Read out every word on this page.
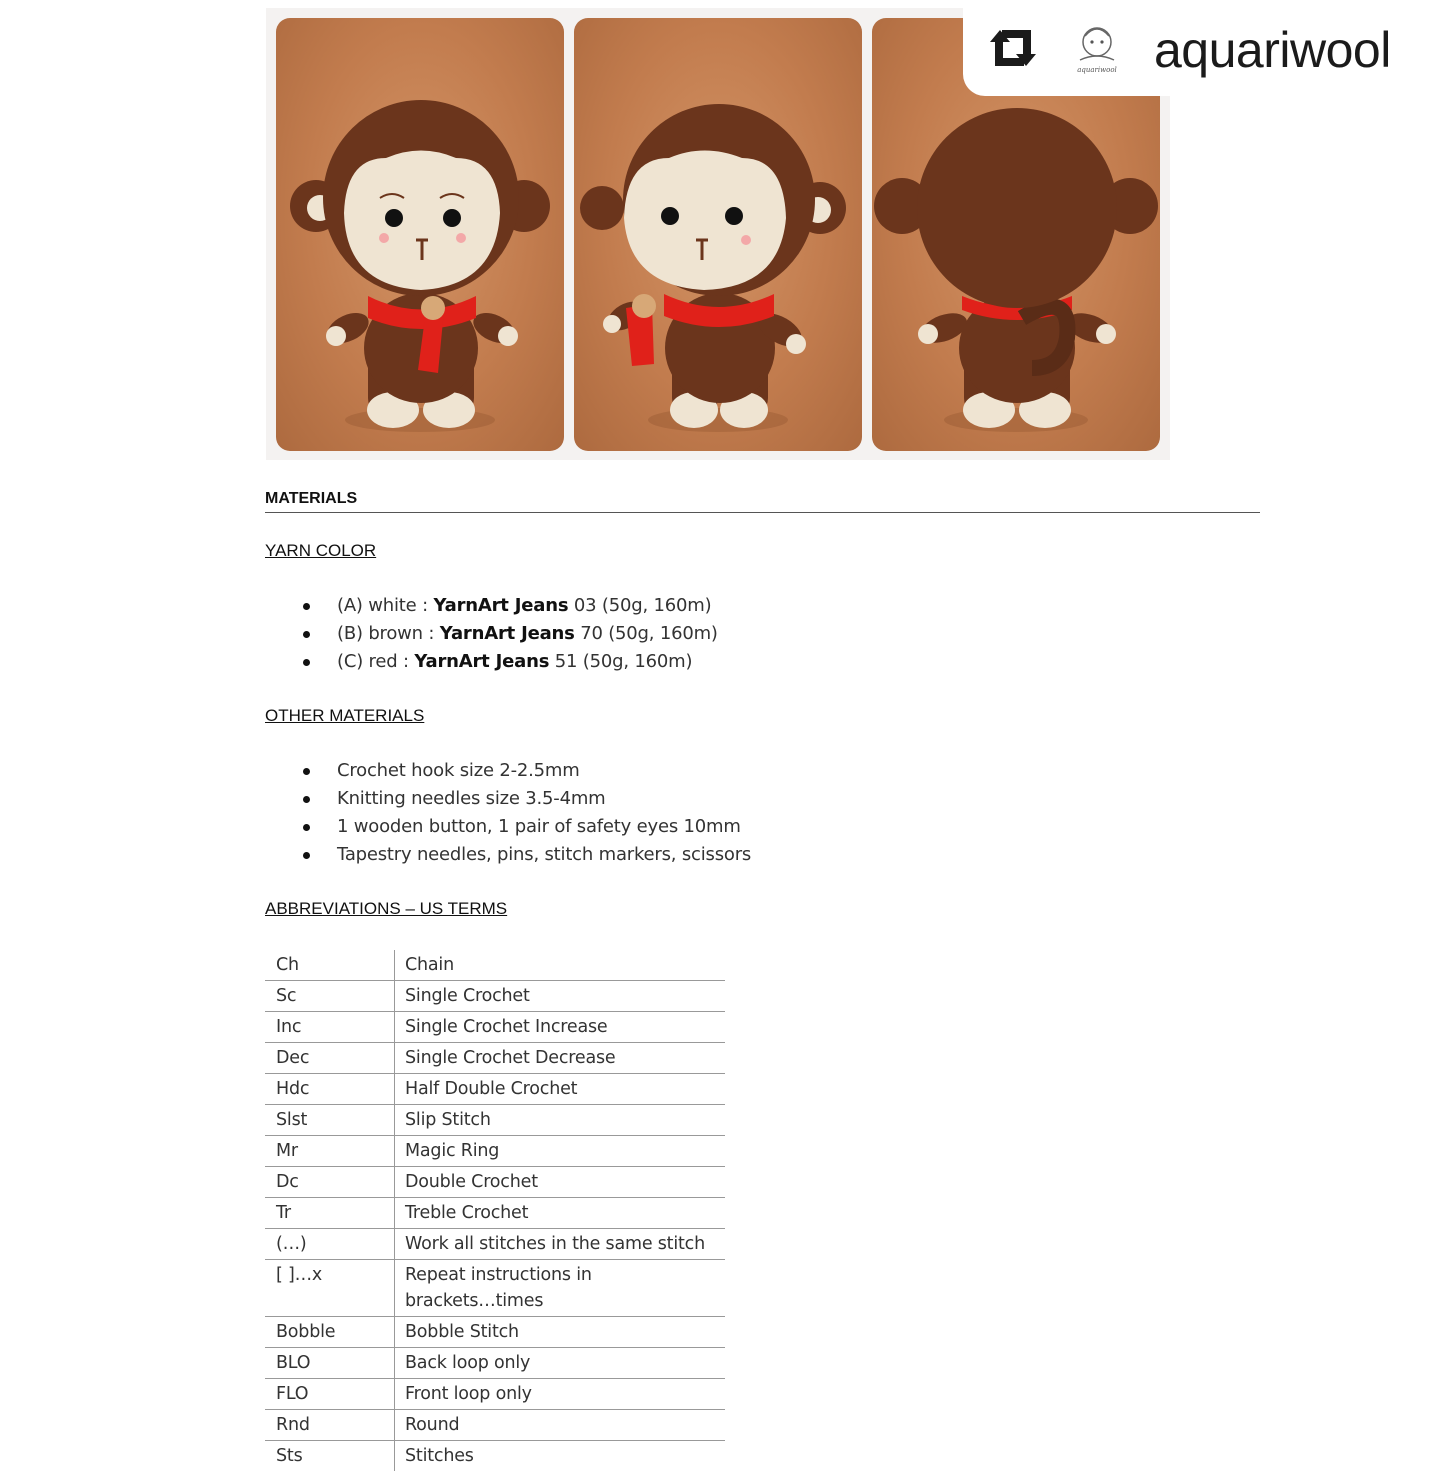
aquariwool aquariwool
MATERIALS
YARN COLOR
(A) white : YarnArt Jeans 03 (50g, 160m)
(B) brown : YarnArt Jeans 70 (50g, 160m)
(C) red : YarnArt Jeans 51 (50g, 160m)
OTHER MATERIALS
Crochet hook size 2-2.5mm
Knitting needles size 3.5-4mm
1 wooden button, 1 pair of safety eyes 10mm
Tapestry needles, pins, stitch markers, scissors
ABBREVIATIONS – US TERMS
Ch	Chain
Sc	Single Crochet
Inc	Single Crochet Increase
Dec	Single Crochet Decrease
Hdc	Half Double Crochet
Slst	Slip Stitch
Mr	Magic Ring
Dc	Double Crochet
Tr	Treble Crochet
(…)	Work all stitches in the same stitch
[ ]…x	Repeat instructions in brackets…times
Bobble	Bobble Stitch
BLO	Back loop only
FLO	Front loop only
Rnd	Round
Sts	Stitches
